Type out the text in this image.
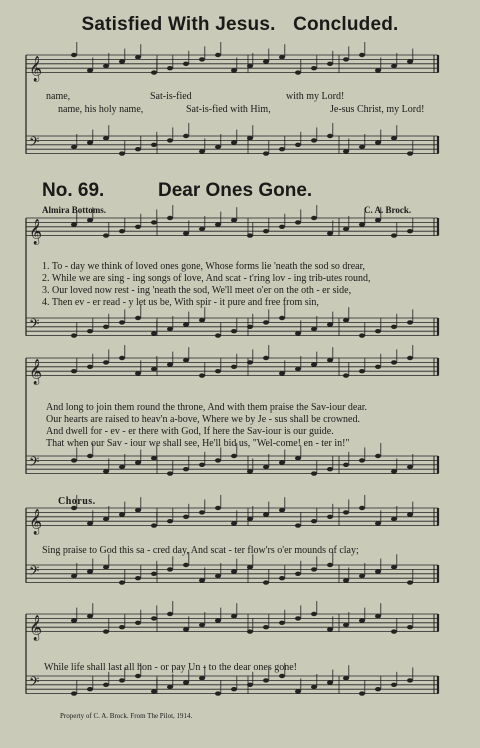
Satisfied With Jesus. Concluded.
𝄞
𝄢
𝄞
𝄢
𝄞
𝄢
𝄞
𝄢
𝄞
𝄢
name,	Sat-is-fied	with my Lord!
name, his holy name,	Sat-is-fied with Him,	Je-sus Christ, my Lord!
No. 69.	Dear Ones Gone.
Almira Bottoms.	C. A. Brock.
1. To - day we think of loved ones gone, Whose forms lie 'neath the sod so drear,
2. While we are sing - ing songs of love, And scat - t'ring lov - ing trib-utes round,
3. Our loved now rest - ing 'neath the sod, We'll meet o'er on the oth - er side,
4. Then ev - er read - y let us be, With spir - it pure and free from sin,
And long to join them round the throne, And with them praise the Sav-iour dear.
Our hearts are raised to heav'n a-bove, Where we by Je - sus shall be crowned.
And dwell for - ev - er there with God, If here the Sav-iour is our guide.
That when our Sav - iour we shall see, He'll bid us, "Wel-come! en - ter in!"
Chorus.
Sing praise to God this sa - cred day, And scat - ter flow'rs o'er mounds of clay;
While life shall last all hon - or pay Un - to the dear ones gone!
Property of C. A. Brock. From The Pilot, 1914.
